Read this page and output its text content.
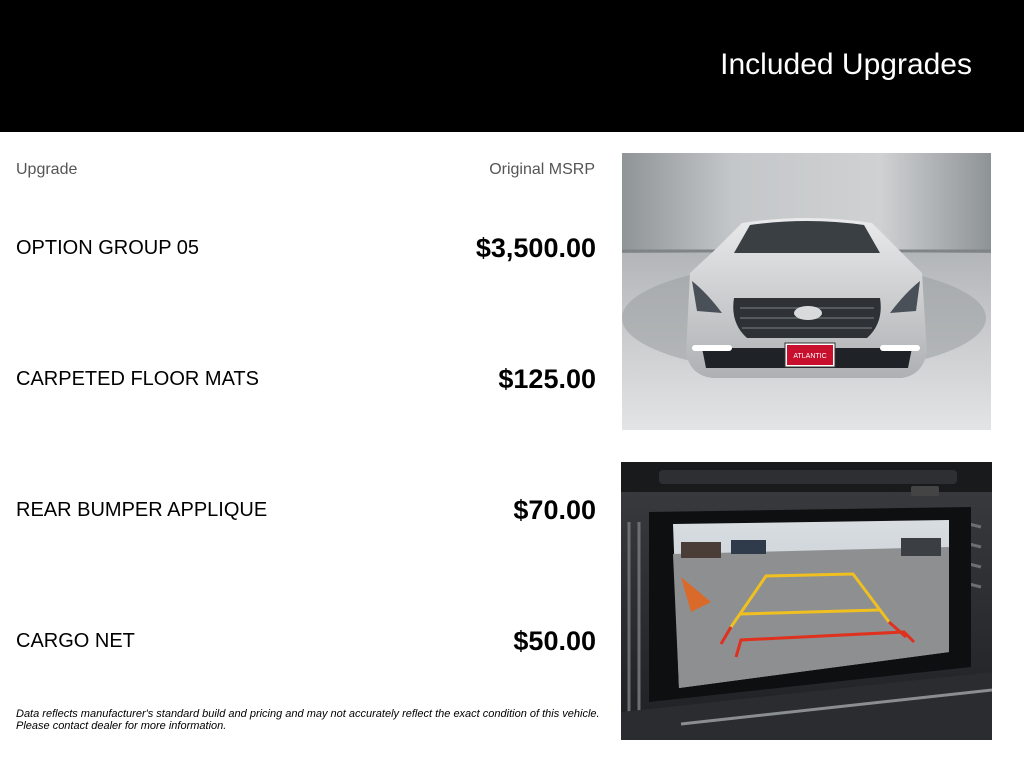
Included Upgrades
Upgrade	Original MSRP
OPTION GROUP 05	$3,500.00
CARPETED FLOOR MATS	$125.00
REAR BUMPER APPLIQUE	$70.00
CARGO NET	$50.00
Data reflects manufacturer's standard build and pricing and may not accurately reflect the exact condition of this vehicle.
Please contact dealer for more information.
ATLANTIC
